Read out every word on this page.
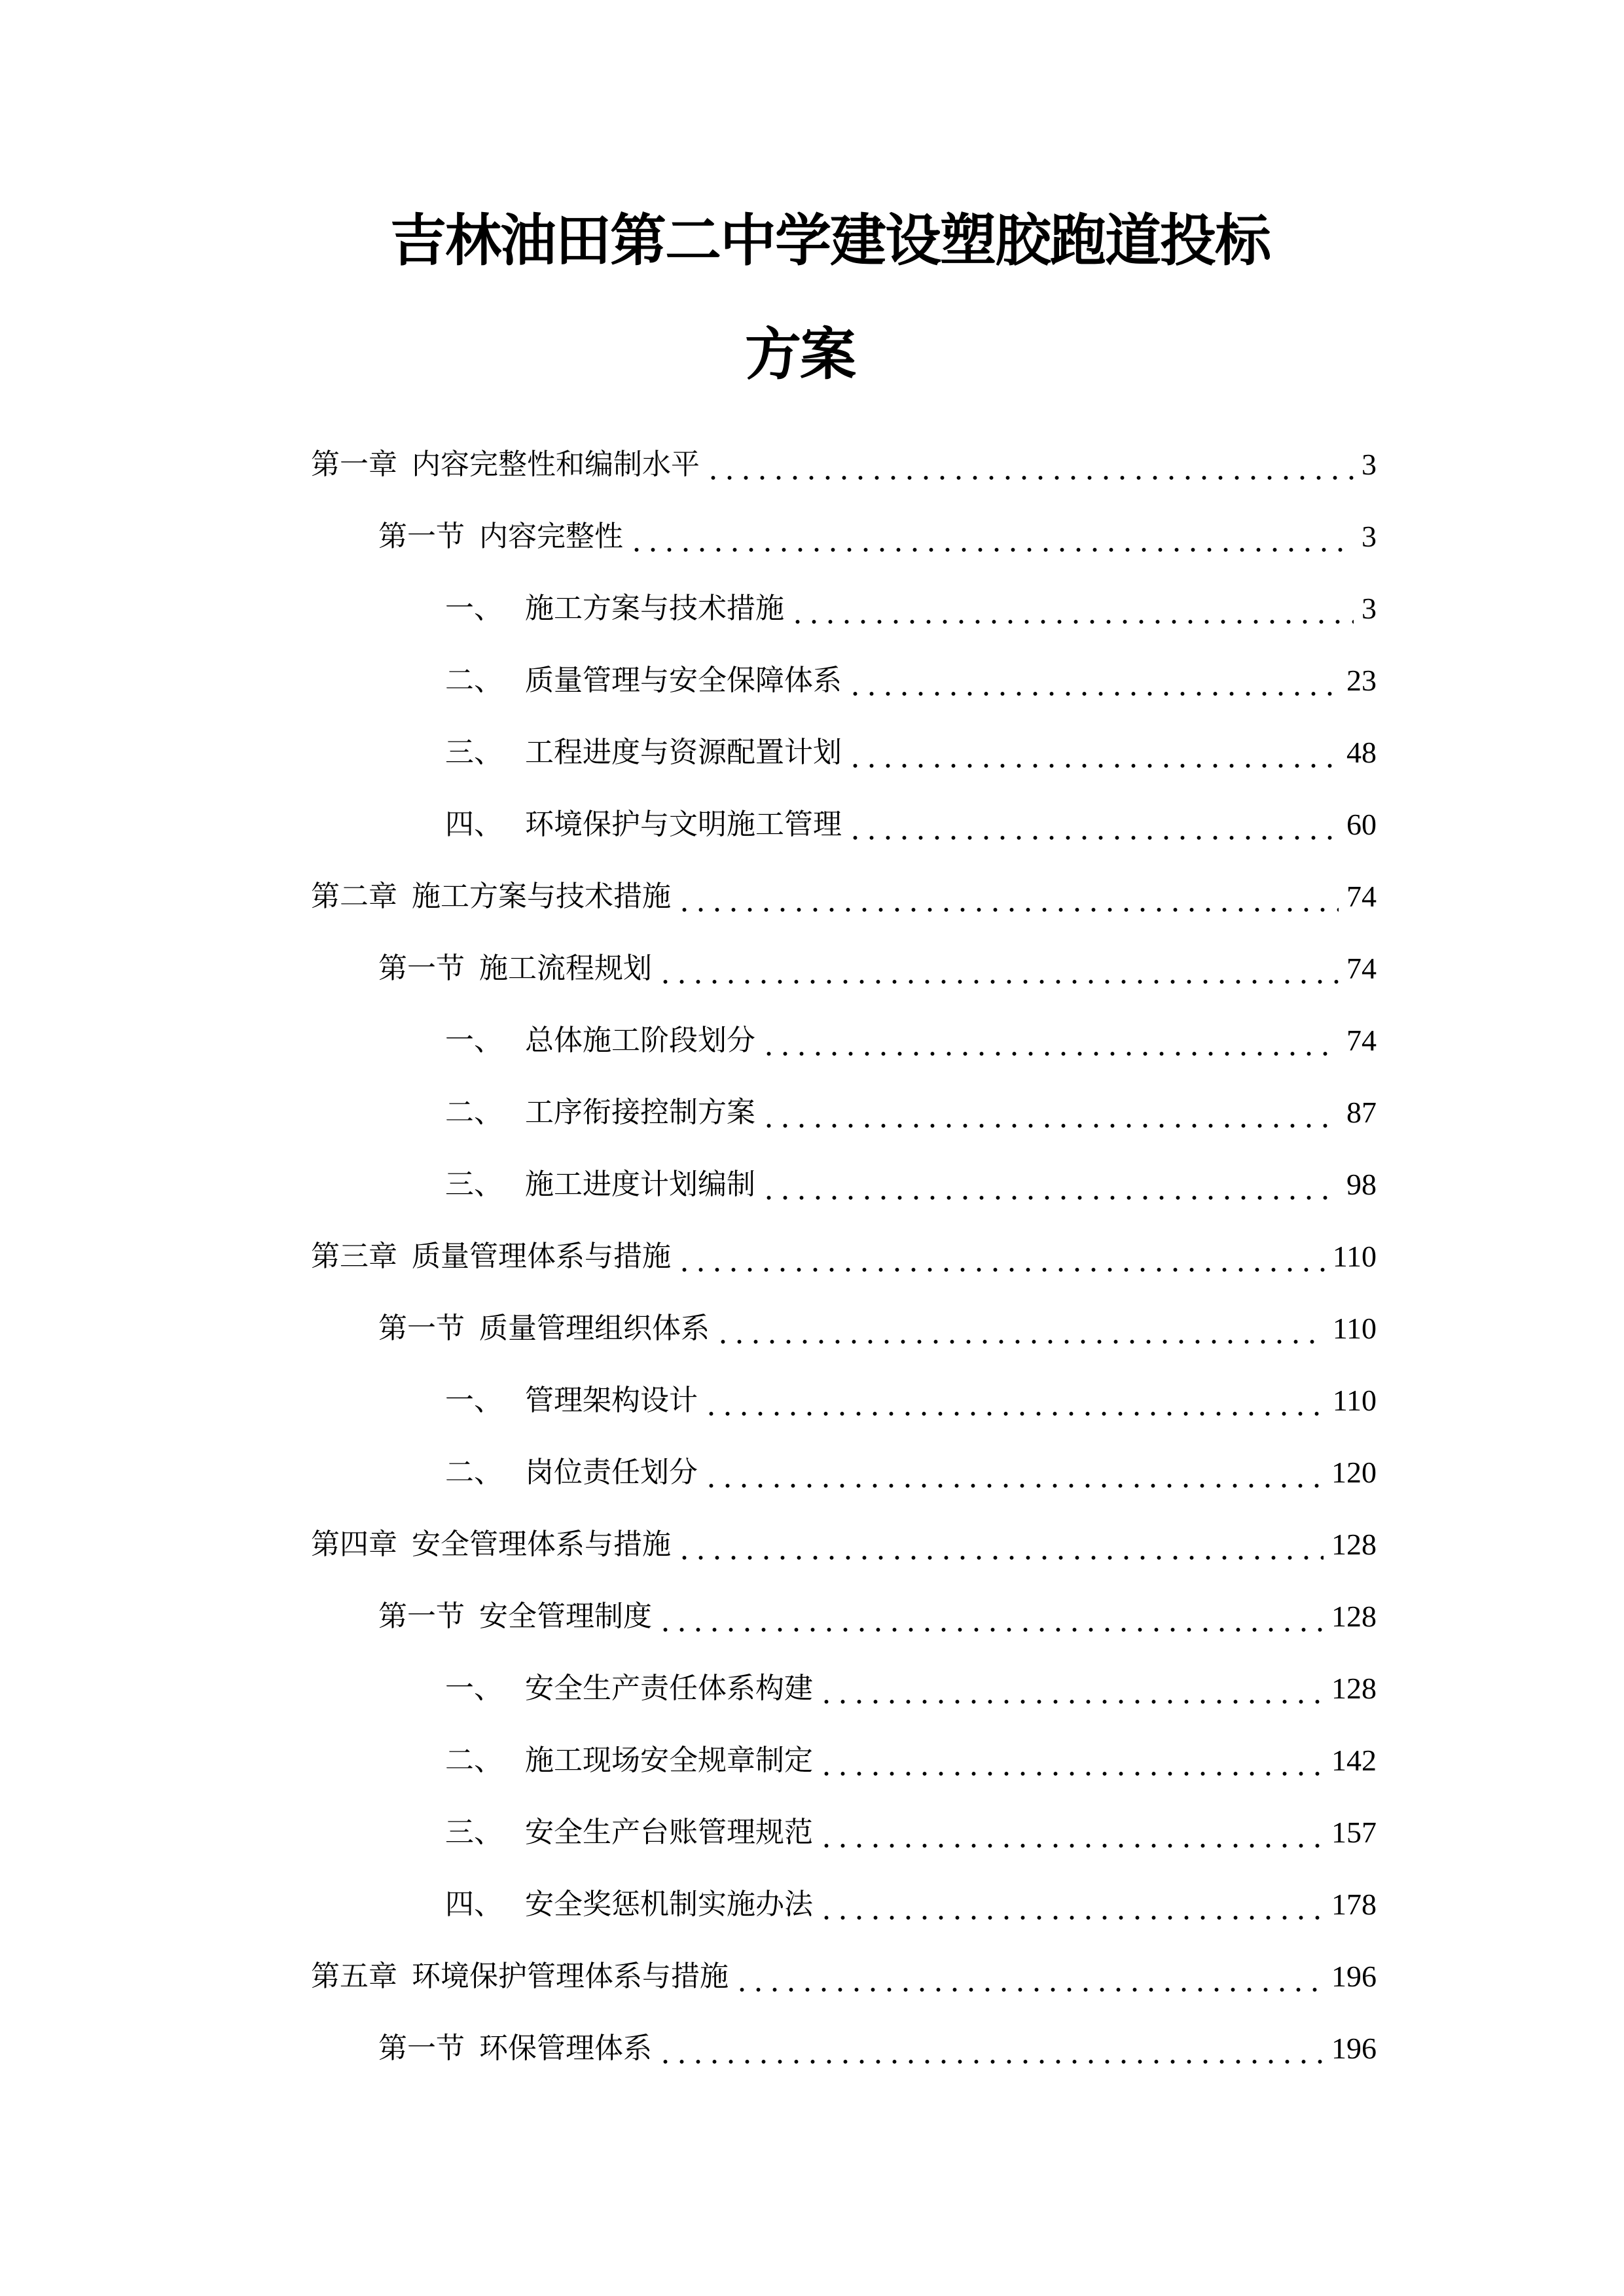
吉林油田第二中学建设塑胶跑道投标
方案
第一章 内容完整性和编制水平	3
第一节 内容完整性	3
一、 施工方案与技术措施	3
二、 质量管理与安全保障体系	23
三、 工程进度与资源配置计划	48
四、 环境保护与文明施工管理	60
第二章 施工方案与技术措施	74
第一节 施工流程规划	74
一、 总体施工阶段划分	74
二、 工序衔接控制方案	87
三、 施工进度计划编制	98
第三章 质量管理体系与措施	110
第一节 质量管理组织体系	110
一、 管理架构设计	110
二、 岗位责任划分	120
第四章 安全管理体系与措施	128
第一节 安全管理制度	128
一、 安全生产责任体系构建	128
二、 施工现场安全规章制定	142
三、 安全生产台账管理规范	157
四、 安全奖惩机制实施办法	178
第五章 环境保护管理体系与措施	196
第一节 环保管理体系	196
